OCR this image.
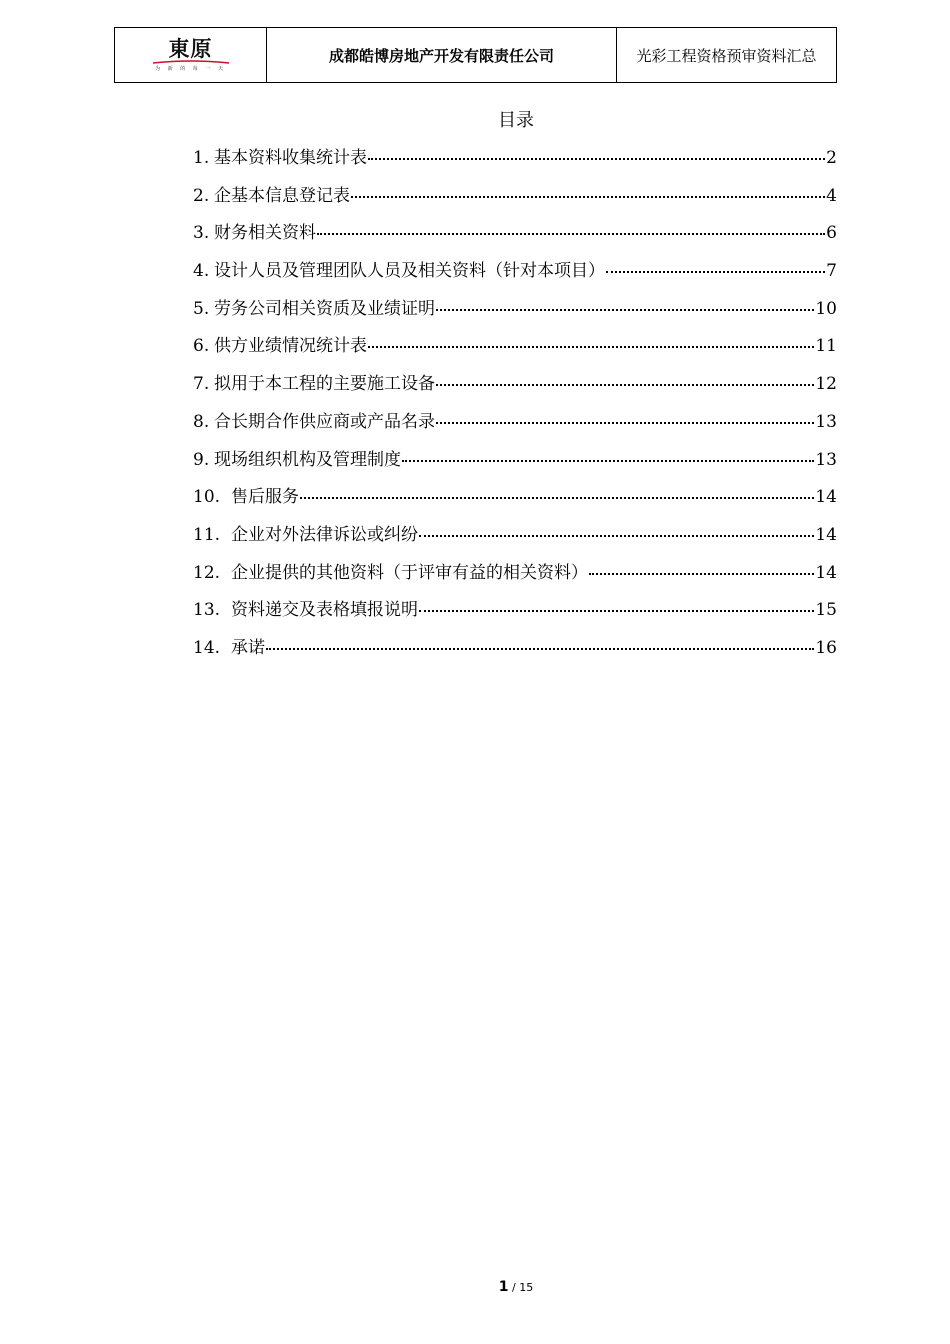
東原
为 新 的 每 一 天
成都皓博房地产开发有限责任公司	光彩工程资格预审资料汇总
目录
1. 基本资料收集统计表	2
2. 企基本信息登记表	4
3. 财务相关资料	6
4. 设计人员及管理团队人员及相关资料（针对本项目）	7
5. 劳务公司相关资质及业绩证明	10
6. 供方业绩情况统计表	11
7. 拟用于本工程的主要施工设备	12
8. 合长期合作供应商或产品名录	13
9. 现场组织机构及管理制度	13
10. 售后服务	14
11. 企业对外法律诉讼或纠纷	14
12. 企业提供的其他资料（于评审有益的相关资料）	14
13. 资料递交及表格填报说明	15
14. 承诺	16
1 / 15
